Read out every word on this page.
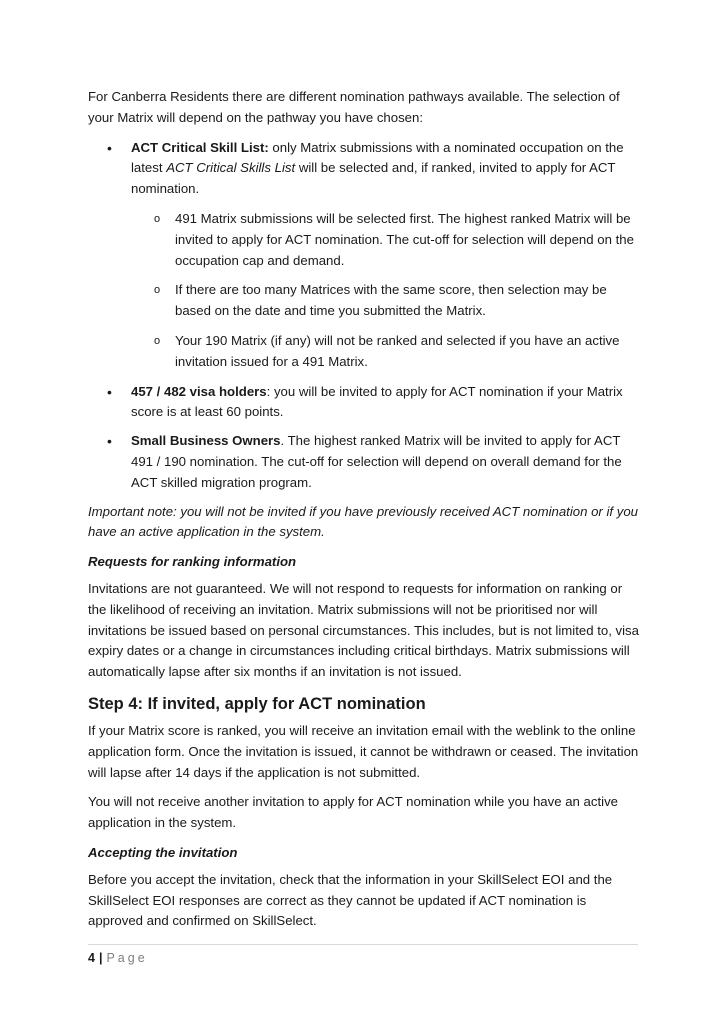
For Canberra Residents there are different nomination pathways available. The selection of your Matrix will depend on the pathway you have chosen:

• ACT Critical Skill List: only Matrix submissions with a nominated occupation on the latest ACT Critical Skills List will be selected and, if ranked, invited to apply for ACT nomination.
o 491 Matrix submissions will be selected first. The highest ranked Matrix will be invited to apply for ACT nomination. The cut-off for selection will depend on the occupation cap and demand.
o If there are too many Matrices with the same score, then selection may be based on the date and time you submitted the Matrix.
o Your 190 Matrix (if any) will not be ranked and selected if you have an active invitation issued for a 491 Matrix.
• 457 / 482 visa holders: you will be invited to apply for ACT nomination if your Matrix score is at least 60 points.
• Small Business Owners. The highest ranked Matrix will be invited to apply for ACT 491 / 190 nomination. The cut-off for selection will depend on overall demand for the ACT skilled migration program.

Important note: you will not be invited if you have previously received ACT nomination or if you have an active application in the system.

Requests for ranking information

Invitations are not guaranteed. We will not respond to requests for information on ranking or the likelihood of receiving an invitation. Matrix submissions will not be prioritised nor will invitations be issued based on personal circumstances. This includes, but is not limited to, visa expiry dates or a change in circumstances including critical birthdays. Matrix submissions will automatically lapse after six months if an invitation is not issued.

Step 4: If invited, apply for ACT nomination

If your Matrix score is ranked, you will receive an invitation email with the weblink to the online application form. Once the invitation is issued, it cannot be withdrawn or ceased. The invitation will lapse after 14 days if the application is not submitted.

You will not receive another invitation to apply for ACT nomination while you have an active application in the system.

Accepting the invitation

Before you accept the invitation, check that the information in your SkillSelect EOI and the SkillSelect EOI responses are correct as they cannot be updated if ACT nomination is approved and confirmed on SkillSelect.

4 | Page
